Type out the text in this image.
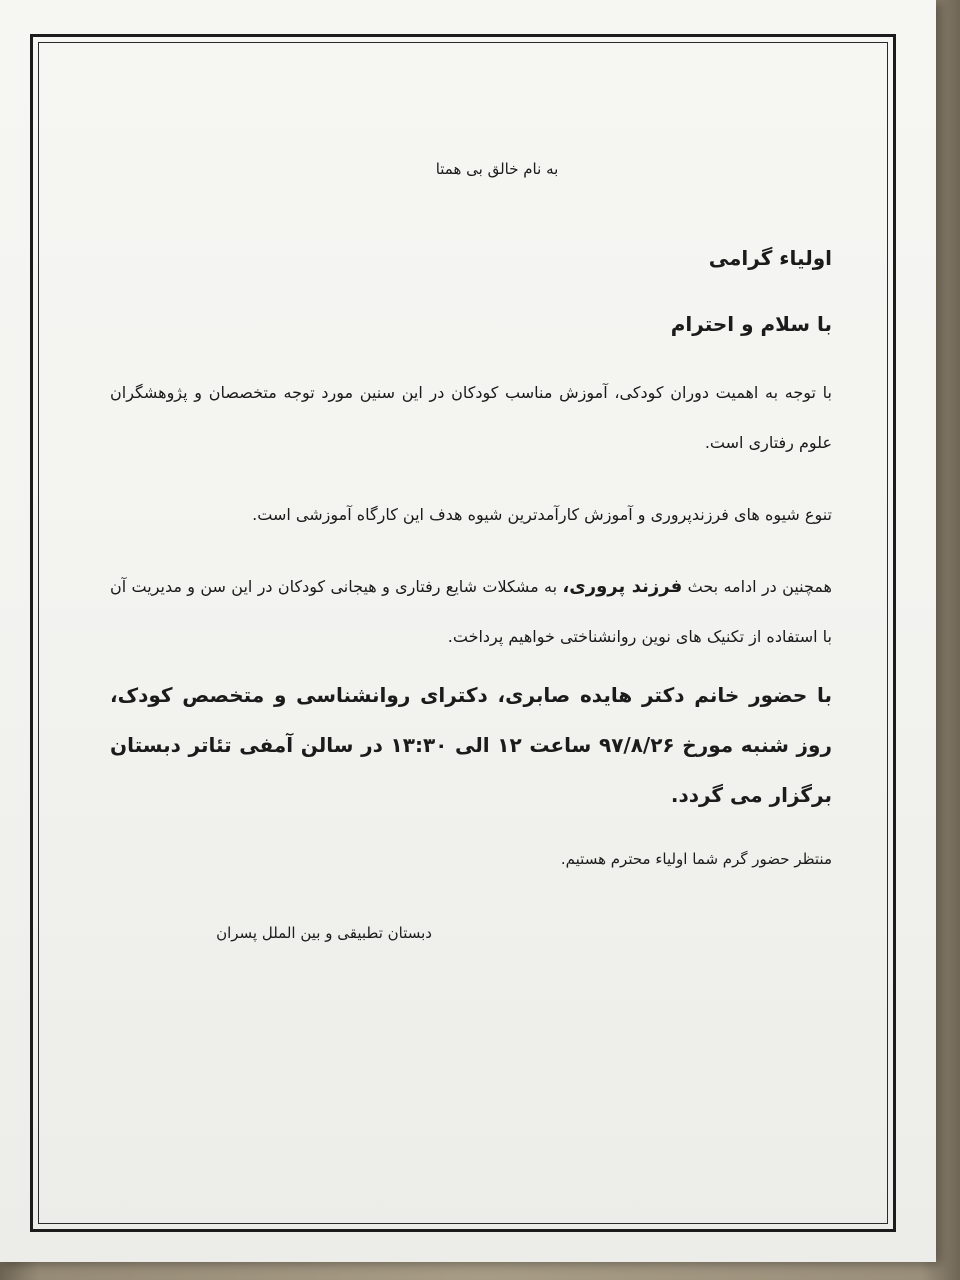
به نام خالق بی همتا
اولیاء گرامی
با سلام و احترام
با توجه به اهمیت دوران کودکی، آموزش مناسب کودکان در این سنین مورد توجه متخصصان و پژوهشگران علوم رفتاری است.
تنوع شیوه های فرزندپروری و آموزش کارآمدترین شیوه هدف این کارگاه آموزشی است.
همچنین در ادامه بحث فرزند پروری، به مشکلات شایع رفتاری و هیجانی کودکان در این سن و مدیریت آن با استفاده از تکنیک های نوین روانشناختی خواهیم پرداخت.
با حضور خانم دکتر هایده صابری، دکترای روانشناسی و متخصص کودک، روز شنبه مورخ ۹۷/۸/۲۶ ساعت ۱۲ الی ۱۳:۳۰ در سالن آمفی تئاتر دبستان برگزار می گردد.
منتظر حضور گرم شما اولیاء محترم هستیم.
دبستان تطبیقی و بین الملل پسران
